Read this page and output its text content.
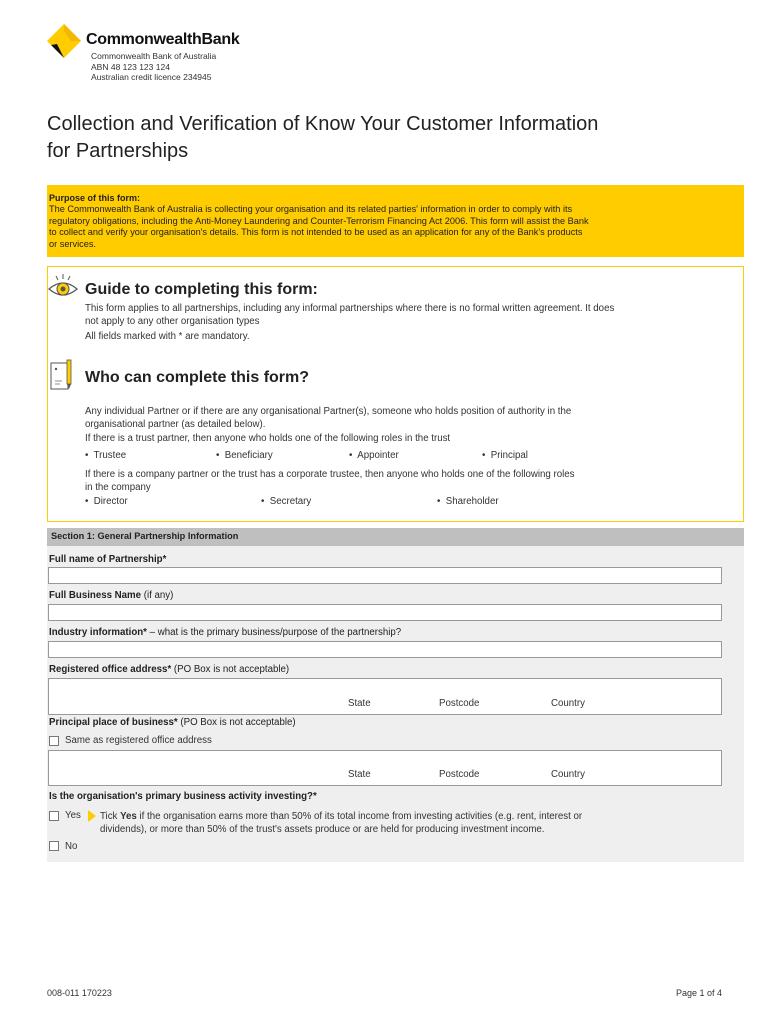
CommonwealthBank
Commonwealth Bank of Australia
ABN 48 123 123 124
Australian credit licence 234945
Collection and Verification of Know Your Customer Information
for Partnerships
Purpose of this form:
The Commonwealth Bank of Australia is collecting your organisation and its related parties' information in order to comply with its
regulatory obligations, including the Anti-Money Laundering and Counter-Terrorism Financing Act 2006. This form will assist the Bank
to collect and verify your organisation's details. This form is not intended to be used as an application for any of the Bank's products
or services.
Guide to completing this form:
This form applies to all partnerships, including any informal partnerships where there is no formal written agreement. It does
not apply to any other organisation types
All fields marked with * are mandatory.
Who can complete this form?
Any individual Partner or if there are any organisational Partner(s), someone who holds position of authority in the
organisational partner (as detailed below).
If there is a trust partner, then anyone who holds one of the following roles in the trust
•  Trustee	•  Beneficiary	•  Appointer	•  Principal
If there is a company partner or the trust has a corporate trustee, then anyone who holds one of the following roles
in the company
•  Director	•  Secretary	•  Shareholder
Section 1: General Partnership Information
Full name of Partnership*
Full Business Name (if any)
Industry information* – what is the primary business/purpose of the partnership?
Registered office address* (PO Box is not acceptable)
State	Postcode	Country
Principal place of business* (PO Box is not acceptable)
Same as registered office address
State	Postcode	Country
Is the organisation's primary business activity investing?*
Yes Tick Yes if the organisation earns more than 50% of its total income from investing activities (e.g. rent, interest or
dividends), or more than 50% of the trust's assets produce or are held for producing investment income.
No
008-011 170223	Page 1 of 4
